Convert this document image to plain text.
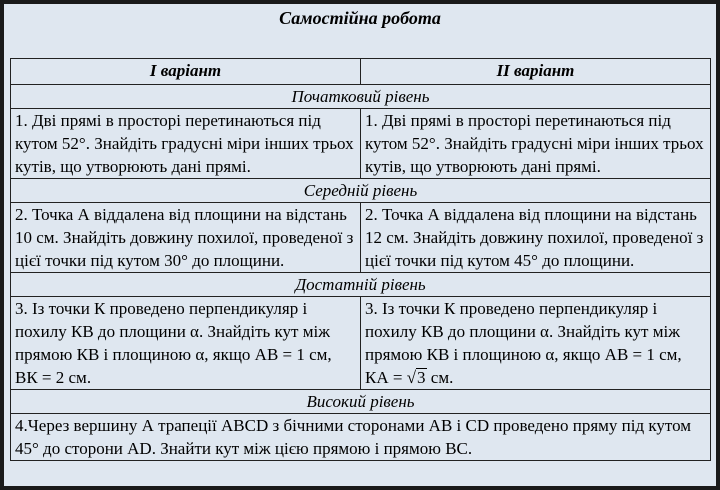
Самостійна робота
І варіант	ІІ варіант
Початковий рівень	
1. Дві прямі в просторі перетинаються під кутом 52°. Знайдіть градусні міри інших трьох кутів, що утворюють дані прямі.	1. Дві прямі в просторі перетинаються під кутом 52°. Знайдіть градусні міри інших трьох кутів, що утворюють дані прямі.
Середній рівень	
2. Точка А віддалена від площини на відстань 10 см. Знайдіть довжину похилої, проведеної з цієї точки під кутом 30° до площини.	2. Точка А віддалена від площини на відстань 12 см. Знайдіть довжину похилої, проведеної з цієї точки під кутом 45° до площини.
Достатній рівень	
3. Із точки К проведено перпендикуляр і похилу КВ до площини α. Знайдіть кут між прямою КВ і площиною α, якщо АВ = 1 см, ВК = 2 см.	3. Із точки К проведено перпендикуляр і похилу КВ до площини α. Знайдіть кут між прямою КВ і площиною α, якщо АВ = 1 см, КА = √3 см.
Високий рівень	
4.Через вершину А трапеції ABCD з бічними сторонами АВ і CD проведено пряму під кутом 45° до сторони AD. Знайти кут між цією прямою і прямою ВС.	
